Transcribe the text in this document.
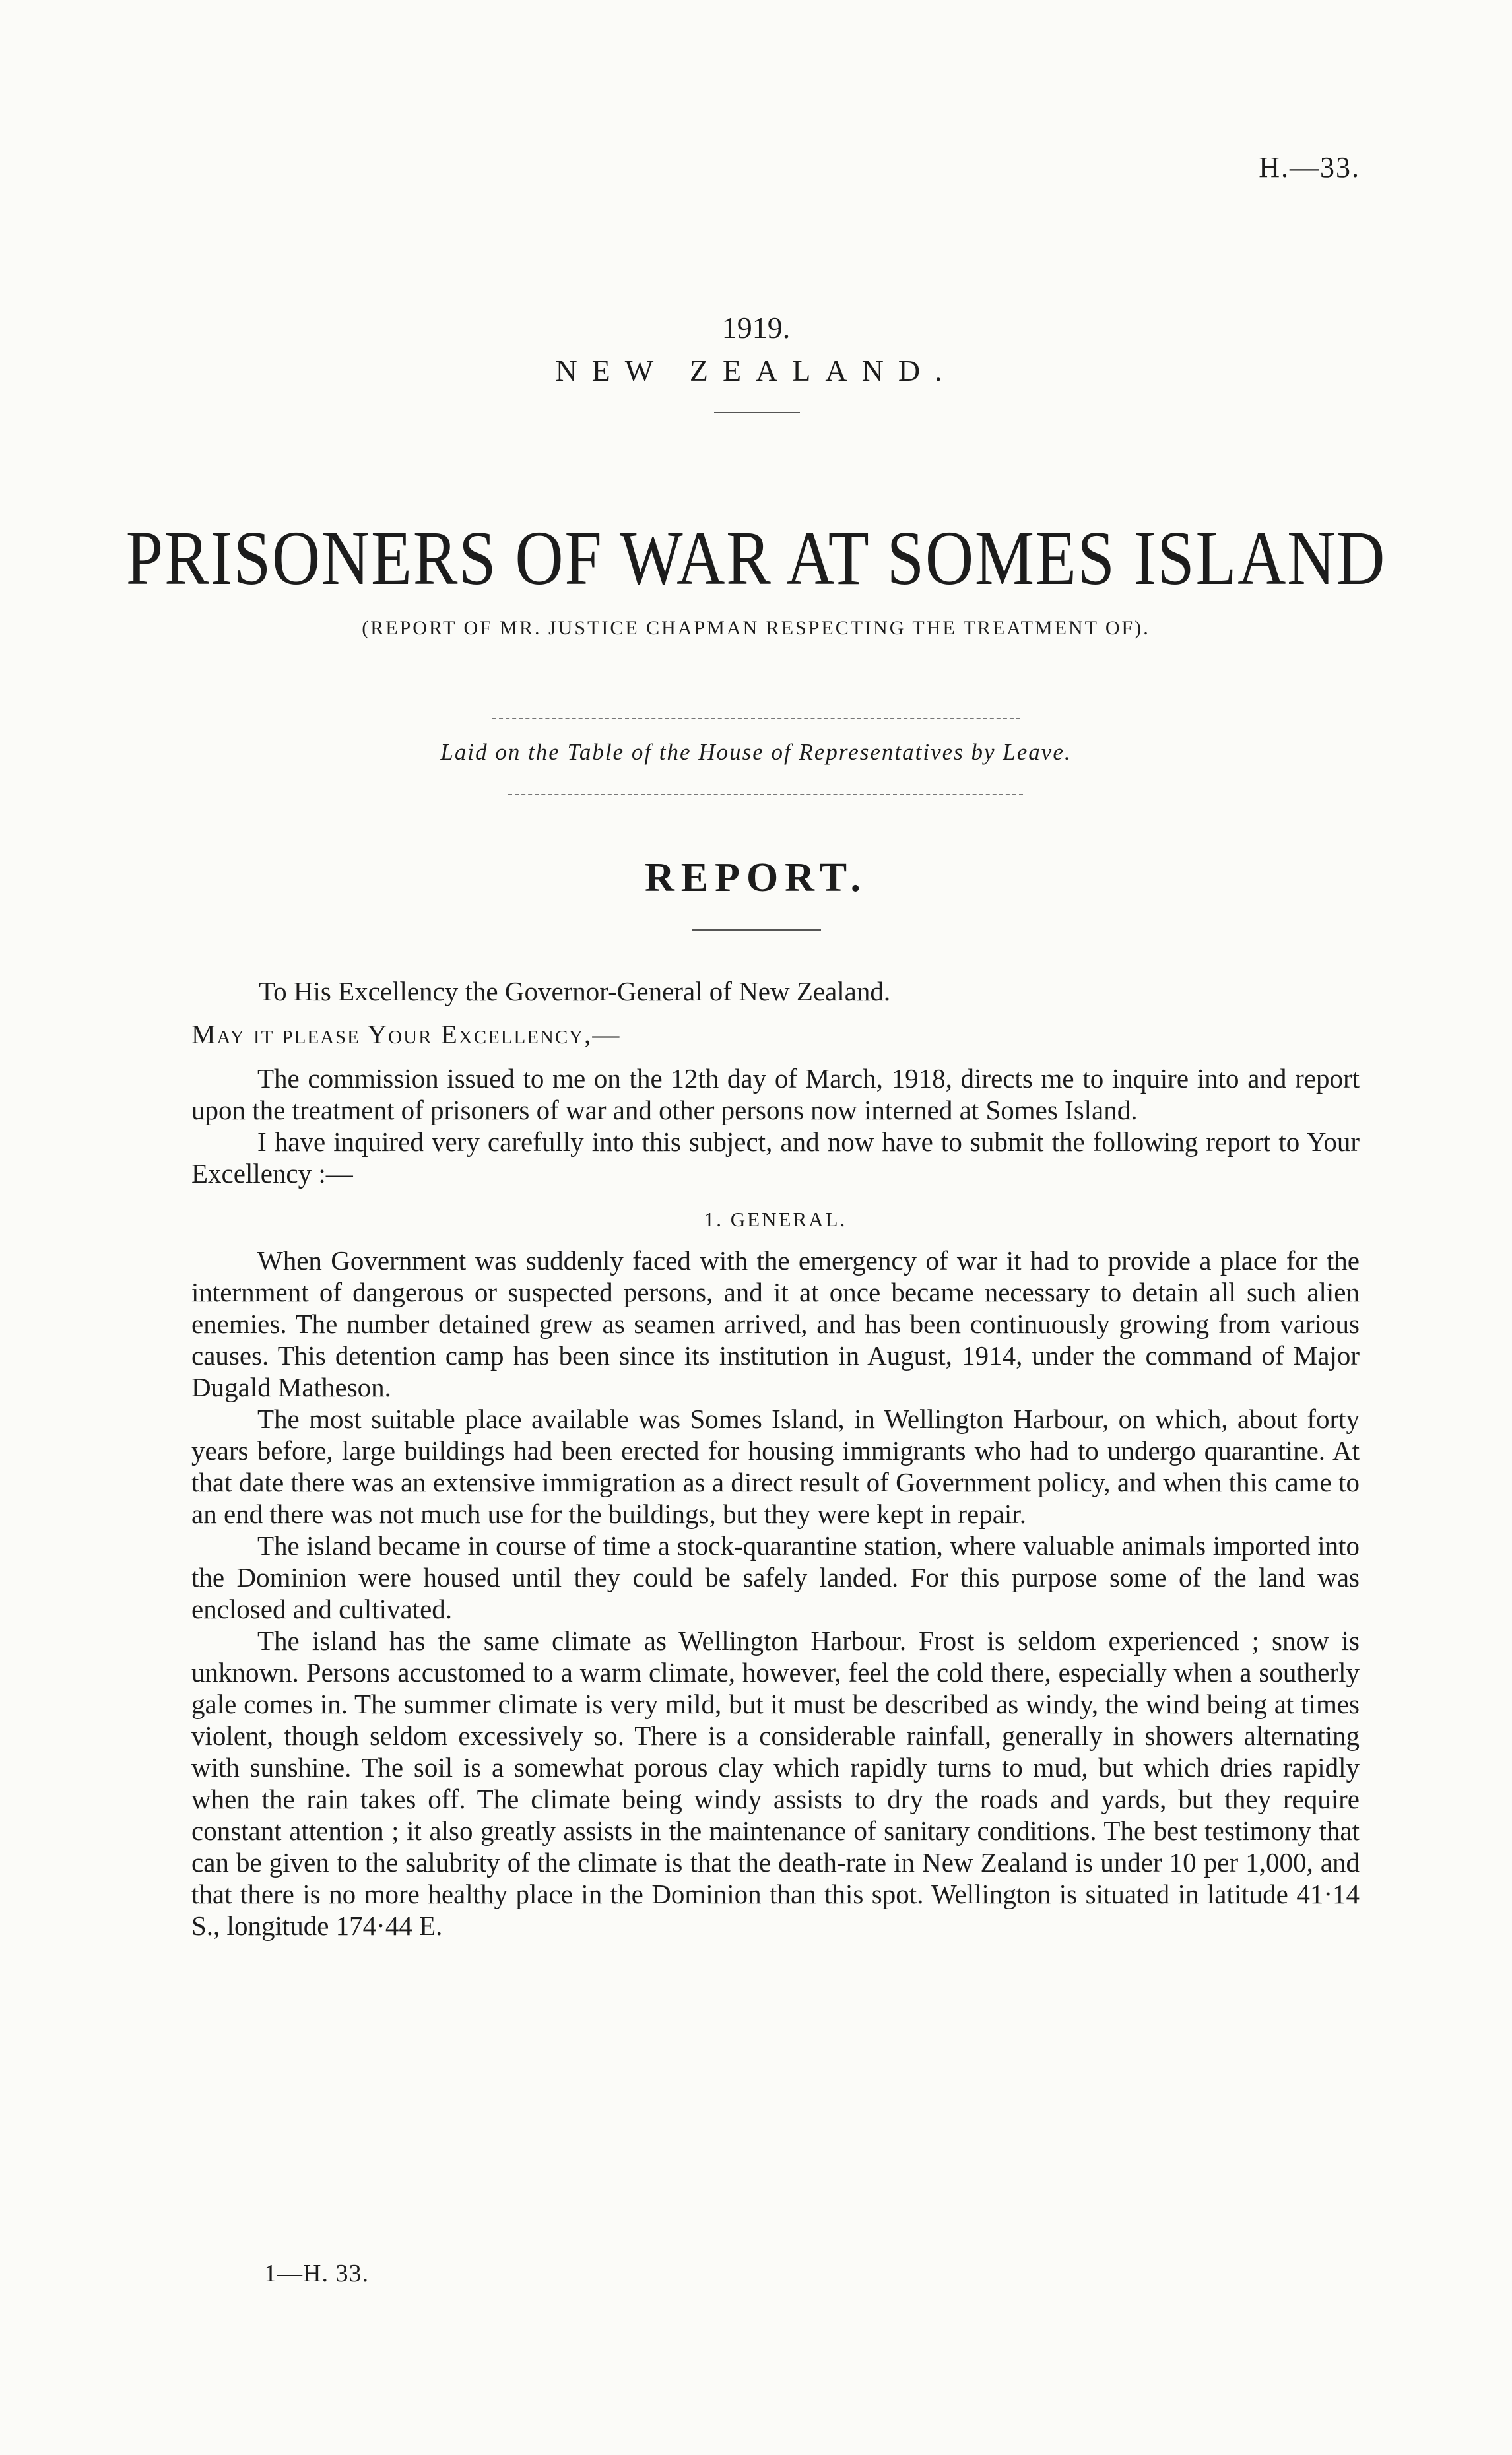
H.—33.
1919.
NEW ZEALAND.
PRISONERS OF WAR AT SOMES ISLAND
(REPORT OF MR. JUSTICE CHAPMAN RESPECTING THE TREATMENT OF).
Laid on the Table of the House of Representatives by Leave.
REPORT.
To His Excellency the Governor-General of New Zealand.
May it please Your Excellency,—

The commission issued to me on the 12th day of March, 1918, directs me to inquire into and report upon the treatment of prisoners of war and other persons now interned at Somes Island.

I have inquired very carefully into this subject, and now have to submit the following report to Your Excellency :—

1. GENERAL.

When Government was suddenly faced with the emergency of war it had to provide a place for the internment of dangerous or suspected persons, and it at once became necessary to detain all such alien enemies. The number detained grew as seamen arrived, and has been continuously growing from various causes. This detention camp has been since its institution in August, 1914, under the command of Major Dugald Matheson.

The most suitable place available was Somes Island, in Wellington Harbour, on which, about forty years before, large buildings had been erected for housing immigrants who had to undergo quarantine. At that date there was an extensive immigration as a direct result of Government policy, and when this came to an end there was not much use for the buildings, but they were kept in repair.

The island became in course of time a stock-quarantine station, where valuable animals imported into the Dominion were housed until they could be safely landed. For this purpose some of the land was enclosed and cultivated.

The island has the same climate as Wellington Harbour. Frost is seldom experienced ; snow is unknown. Persons accustomed to a warm climate, however, feel the cold there, especially when a southerly gale comes in. The summer climate is very mild, but it must be described as windy, the wind being at times violent, though seldom excessively so. There is a considerable rainfall, generally in showers alternating with sunshine. The soil is a somewhat porous clay which rapidly turns to mud, but which dries rapidly when the rain takes off. The climate being windy assists to dry the roads and yards, but they require constant attention ; it also greatly assists in the maintenance of sanitary conditions. The best testimony that can be given to the salubrity of the climate is that the death-rate in New Zealand is under 10 per 1,000, and that there is no more healthy place in the Dominion than this spot. Wellington is situated in latitude 41·14 S., longitude 174·44 E.

1—H. 33.
